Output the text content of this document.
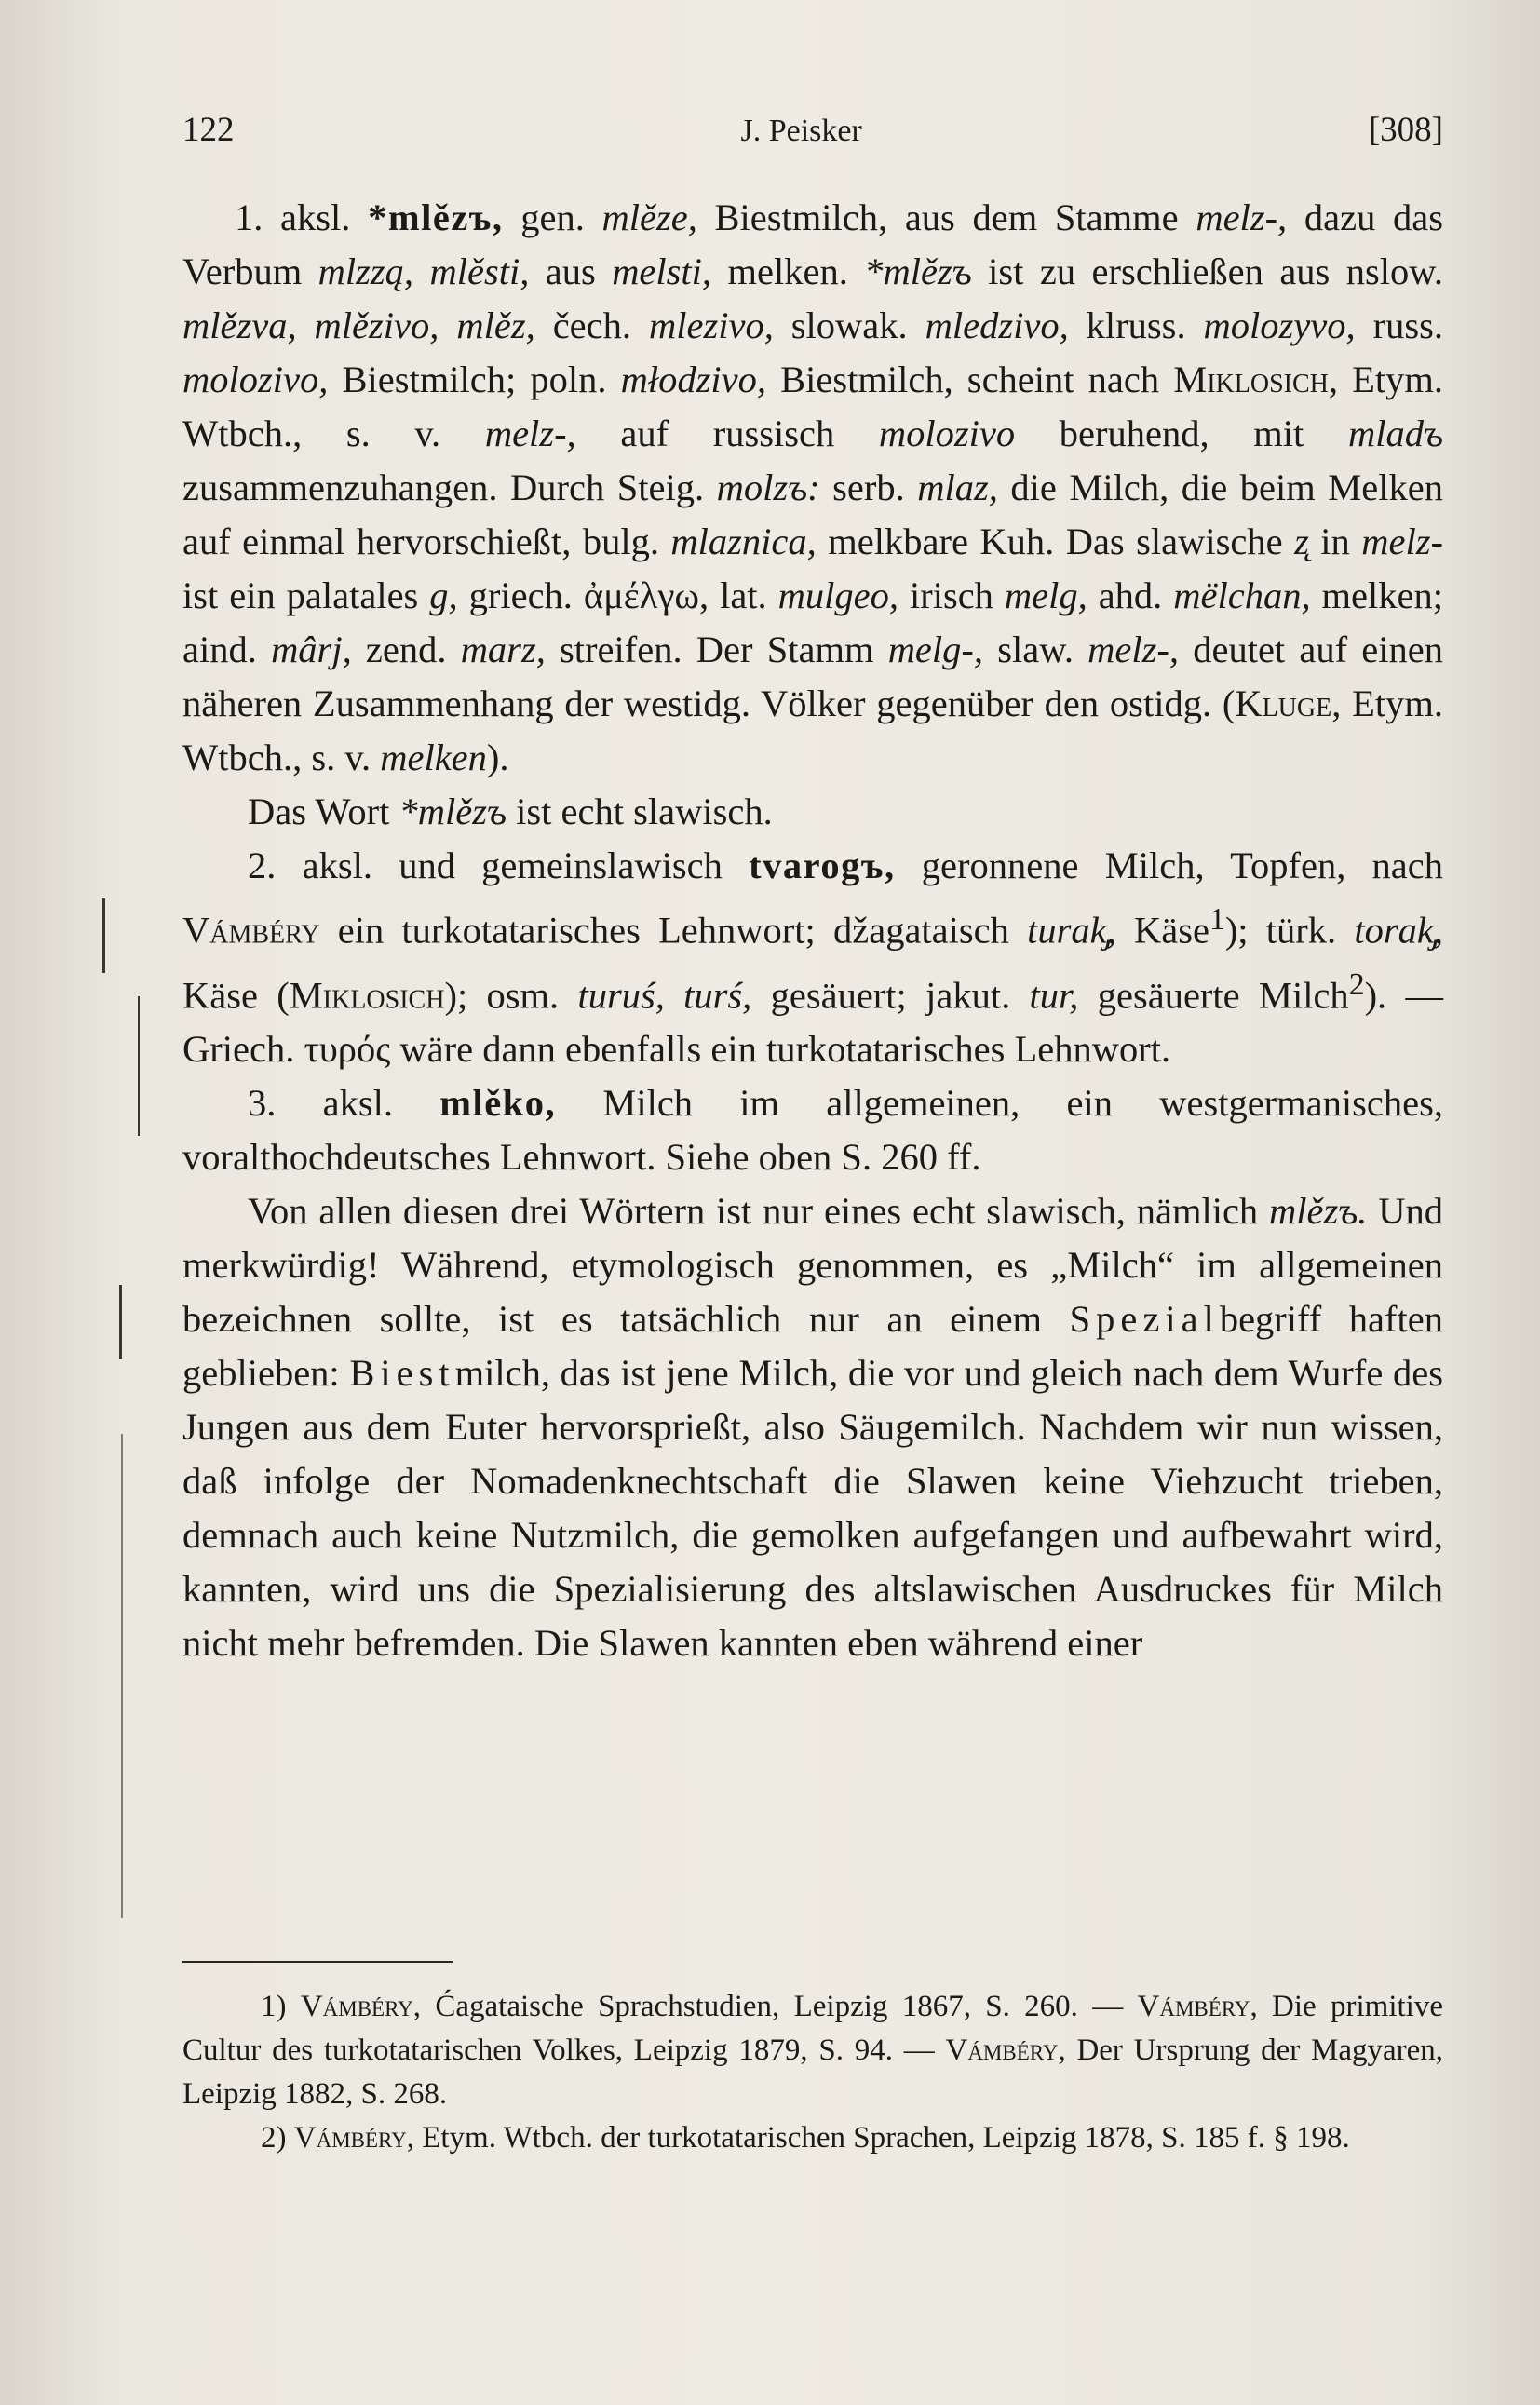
122	J. Peisker	[308]

1. aksl. *mlězъ, gen. mlěze, Biestmilch, aus dem Stamme melz-, dazu das Verbum mlzzą, mlěsti, aus melsti, melken. *mlězъ ist zu erschließen aus nslow. mlězva, mlězivo, mlěz, čech. mlezivo, slowak. mledzivo, klruss. molozyvo, russ. molozivo, Biestmilch; poln. młodzivo, Biestmilch, scheint nach Miklosich, Etym. Wtbch., s. v. melz-, auf russisch molozivo beruhend, mit mladъ zusammenzuhangen. Durch Steig. molzъ: serb. mlaz, die Milch, die beim Melken auf einmal hervorschießt, bulg. mlaznica, melkbare Kuh. Das slawische z̨ in melz- ist ein palatales g, griech. ἀμέλγω, lat. mulgeo, irisch melg, ahd. mëlchan, melken; aind. mârj, zend. marz, streifen. Der Stamm melg-, slaw. melz-, deutet auf einen näheren Zusammenhang der westidg. Völker gegenüber den ostidg. (Kluge, Etym. Wtbch., s. v. melken).

Das Wort *mlězъ ist echt slawisch.

2. aksl. und gemeinslawisch tvarogъ, geronnene Milch, Topfen, nach Vámbéry ein turkotatarisches Lehnwort; džagataisch turak̡, Käse$^1$); türk. torak̡, Käse (Miklosich); osm. turuś, turś, gesäuert; jakut. tur, gesäuerte Milch$^2$). — Griech. τυρός wäre dann ebenfalls ein turkotatarisches Lehnwort.

3. aksl. mlěko, Milch im allgemeinen, ein westgermanisches, voralthochdeutsches Lehnwort. Siehe oben S. 260 ff.

Von allen diesen drei Wörtern ist nur eines echt slawisch, nämlich mlězъ. Und merkwürdig! Während, etymologisch genommen, es „Milch“ im allgemeinen bezeichnen sollte, ist es tatsächlich nur an einem Spezialbegriff haften geblieben: Biestmilch, das ist jene Milch, die vor und gleich nach dem Wurfe des Jungen aus dem Euter hervorsprießt, also Säugemilch. Nachdem wir nun wissen, daß infolge der Nomadenknechtschaft die Slawen keine Viehzucht trieben, demnach auch keine Nutzmilch, die gemolken aufgefangen und aufbewahrt wird, kannten, wird uns die Spezialisierung des altslawischen Ausdruckes für Milch nicht mehr befremden. Die Slawen kannten eben während einer

1) Vámbéry, Ćagataische Sprachstudien, Leipzig 1867, S. 260. — Vámbéry, Die primitive Cultur des turkotatarischen Volkes, Leipzig 1879, S. 94. — Vámbéry, Der Ursprung der Magyaren, Leipzig 1882, S. 268.

2) Vámbéry, Etym. Wtbch. der turkotatarischen Sprachen, Leipzig 1878, S. 185 f. § 198.
